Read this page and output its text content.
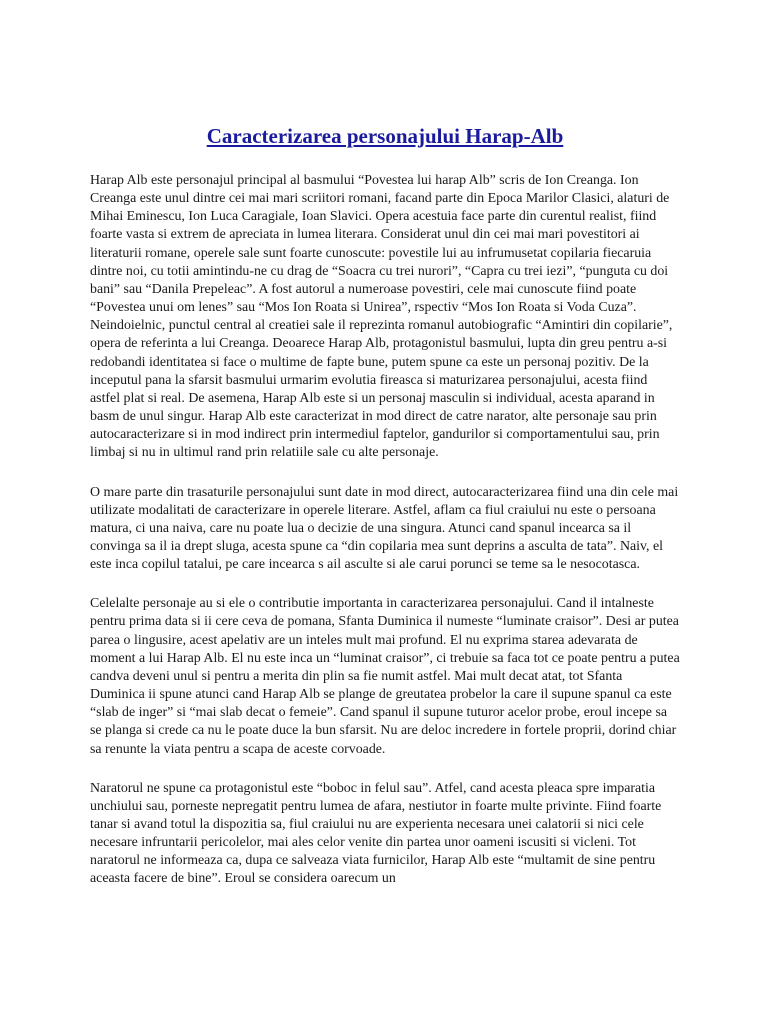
Caracterizarea personajului Harap-Alb

Harap Alb este personajul principal al basmului “Povestea lui harap Alb” scris de Ion Creanga. Ion Creanga este unul dintre cei mai mari scriitori romani, facand parte din Epoca Marilor Clasici, alaturi de Mihai Eminescu, Ion Luca Caragiale, Ioan Slavici. Opera acestuia face parte din curentul realist, fiind foarte vasta si extrem de apreciata in lumea literara. Considerat unul din cei mai mari povestitori ai literaturii romane, operele sale sunt foarte cunoscute: povestile lui au infrumusetat copilaria fiecaruia dintre noi, cu totii amintindu-ne cu drag de “Soacra cu trei nurori”, “Capra cu trei iezi”, “punguta cu doi bani” sau “Danila Prepeleac”. A fost autorul a numeroase povestiri, cele mai cunoscute fiind poate “Povestea unui om lenes” sau “Mos Ion Roata si Unirea”, rspectiv “Mos Ion Roata si Voda Cuza”. Neindoielnic, punctul central al creatiei sale il reprezinta romanul autobiografic “Amintiri din copilarie”, opera de referinta a lui Creanga. Deoarece Harap Alb, protagonistul basmului, lupta din greu pentru a-si redobandi identitatea si face o multime de fapte bune, putem spune ca este un personaj pozitiv. De la inceputul pana la sfarsit basmului urmarim evolutia fireasca si maturizarea personajului, acesta fiind astfel plat si real. De asemena, Harap Alb este si un personaj masculin si individual, acesta aparand in basm de unul singur. Harap Alb este caracterizat in mod direct de catre narator, alte personaje sau prin autocaracterizare si in mod indirect prin intermediul faptelor, gandurilor si comportamentului sau, prin limbaj si nu in ultimul rand prin relatiile sale cu alte personaje.

O mare parte din trasaturile personajului sunt date in mod direct, autocaracterizarea fiind una din cele mai utilizate modalitati de caracterizare in operele literare. Astfel, aflam ca fiul craiului nu este o persoana matura, ci una naiva, care nu poate lua o decizie de una singura. Atunci cand spanul incearca sa il convinga sa il ia drept sluga, acesta spune ca “din copilaria mea sunt deprins a asculta de tata”. Naiv, el este inca copilul tatalui, pe care incearca s ail asculte si ale carui porunci se teme sa le nesocotasca.

Celelalte personaje au si ele o contributie importanta in caracterizarea personajului. Cand il intalneste pentru prima data si ii cere ceva de pomana, Sfanta Duminica il numeste “luminate craisor”. Desi ar putea parea o lingusire, acest apelativ are un inteles mult mai profund. El nu exprima starea adevarata de moment a lui Harap Alb. El nu este inca un “luminat craisor”, ci trebuie sa faca tot ce poate pentru a putea candva deveni unul si pentru a merita din plin sa fie numit astfel. Mai mult decat atat, tot Sfanta Duminica ii spune atunci cand Harap Alb se plange de greutatea probelor la care il supune spanul ca este “slab de inger” si “mai slab decat o femeie”. Cand spanul il supune tuturor acelor probe, eroul incepe sa se planga si crede ca nu le poate duce la bun sfarsit. Nu are deloc incredere in fortele proprii, dorind chiar sa renunte la viata pentru a scapa de aceste corvoade.

Naratorul ne spune ca protagonistul este “boboc in felul sau”. Atfel, cand acesta pleaca spre imparatia unchiului sau, porneste nepregatit pentru lumea de afara, nestiutor in foarte multe privinte. Fiind foarte tanar si avand totul la dispozitia sa, fiul craiului nu are experienta necesara unei calatorii si nici cele necesare infruntarii pericolelor, mai ales celor venite din partea unor oameni iscusiti si vicleni. Tot naratorul ne informeaza ca, dupa ce salveaza viata furnicilor, Harap Alb este “multamit de sine pentru aceasta facere de bine”. Eroul se considera oarecum un
